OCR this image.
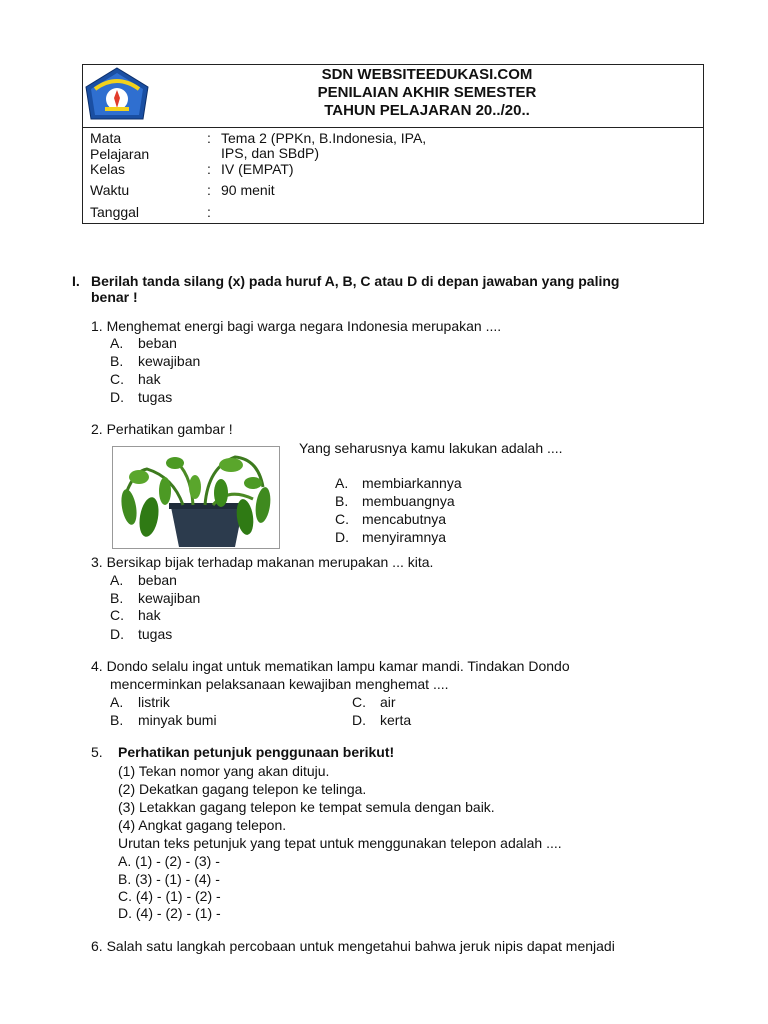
SDN WEBSITEEDUKASI.COM
PENILAIAN AKHIR SEMESTER
TAHUN PELAJARAN 20../20..
Mata Pelajaran
: Tema 2 (PPKn, B.Indonesia, IPA,
IPS, dan SBdP)
Kelas	: IV (EMPAT)
Waktu	: 90 menit
Tanggal	:
I. Berilah tanda silang (x) pada huruf A, B, C atau D di depan jawaban yang paling
benar !
1. Menghemat energi bagi warga negara Indonesia merupakan ....
A. beban
B. kewajiban
C. hak
D. tugas
2. Perhatikan gambar !
Yang seharusnya kamu lakukan adalah ....
A. membiarkannya
B. membuangnya
C. mencabutnya
D. menyiramnya
3. Bersikap bijak terhadap makanan merupakan ... kita.
A. beban
B. kewajiban
C. hak
D. tugas
4. Dondo selalu ingat untuk mematikan lampu kamar mandi. Tindakan Dondo
mencerminkan pelaksanaan kewajiban menghemat ....
A. listrik
B. minyak bumi
C. air
D. kerta
5. Perhatikan petunjuk penggunaan berikut!
(1) Tekan nomor yang akan dituju.
(2) Dekatkan gagang telepon ke telinga.
(3) Letakkan gagang telepon ke tempat semula dengan baik.
(4) Angkat gagang telepon.
Urutan teks petunjuk yang tepat untuk menggunakan telepon adalah ....
A. (1) - (2) - (3) -
B. (3) - (1) - (4) -
C. (4) - (1) - (2) -
D. (4) - (2) - (1) -
6. Salah satu langkah percobaan untuk mengetahui bahwa jeruk nipis dapat menjadi
